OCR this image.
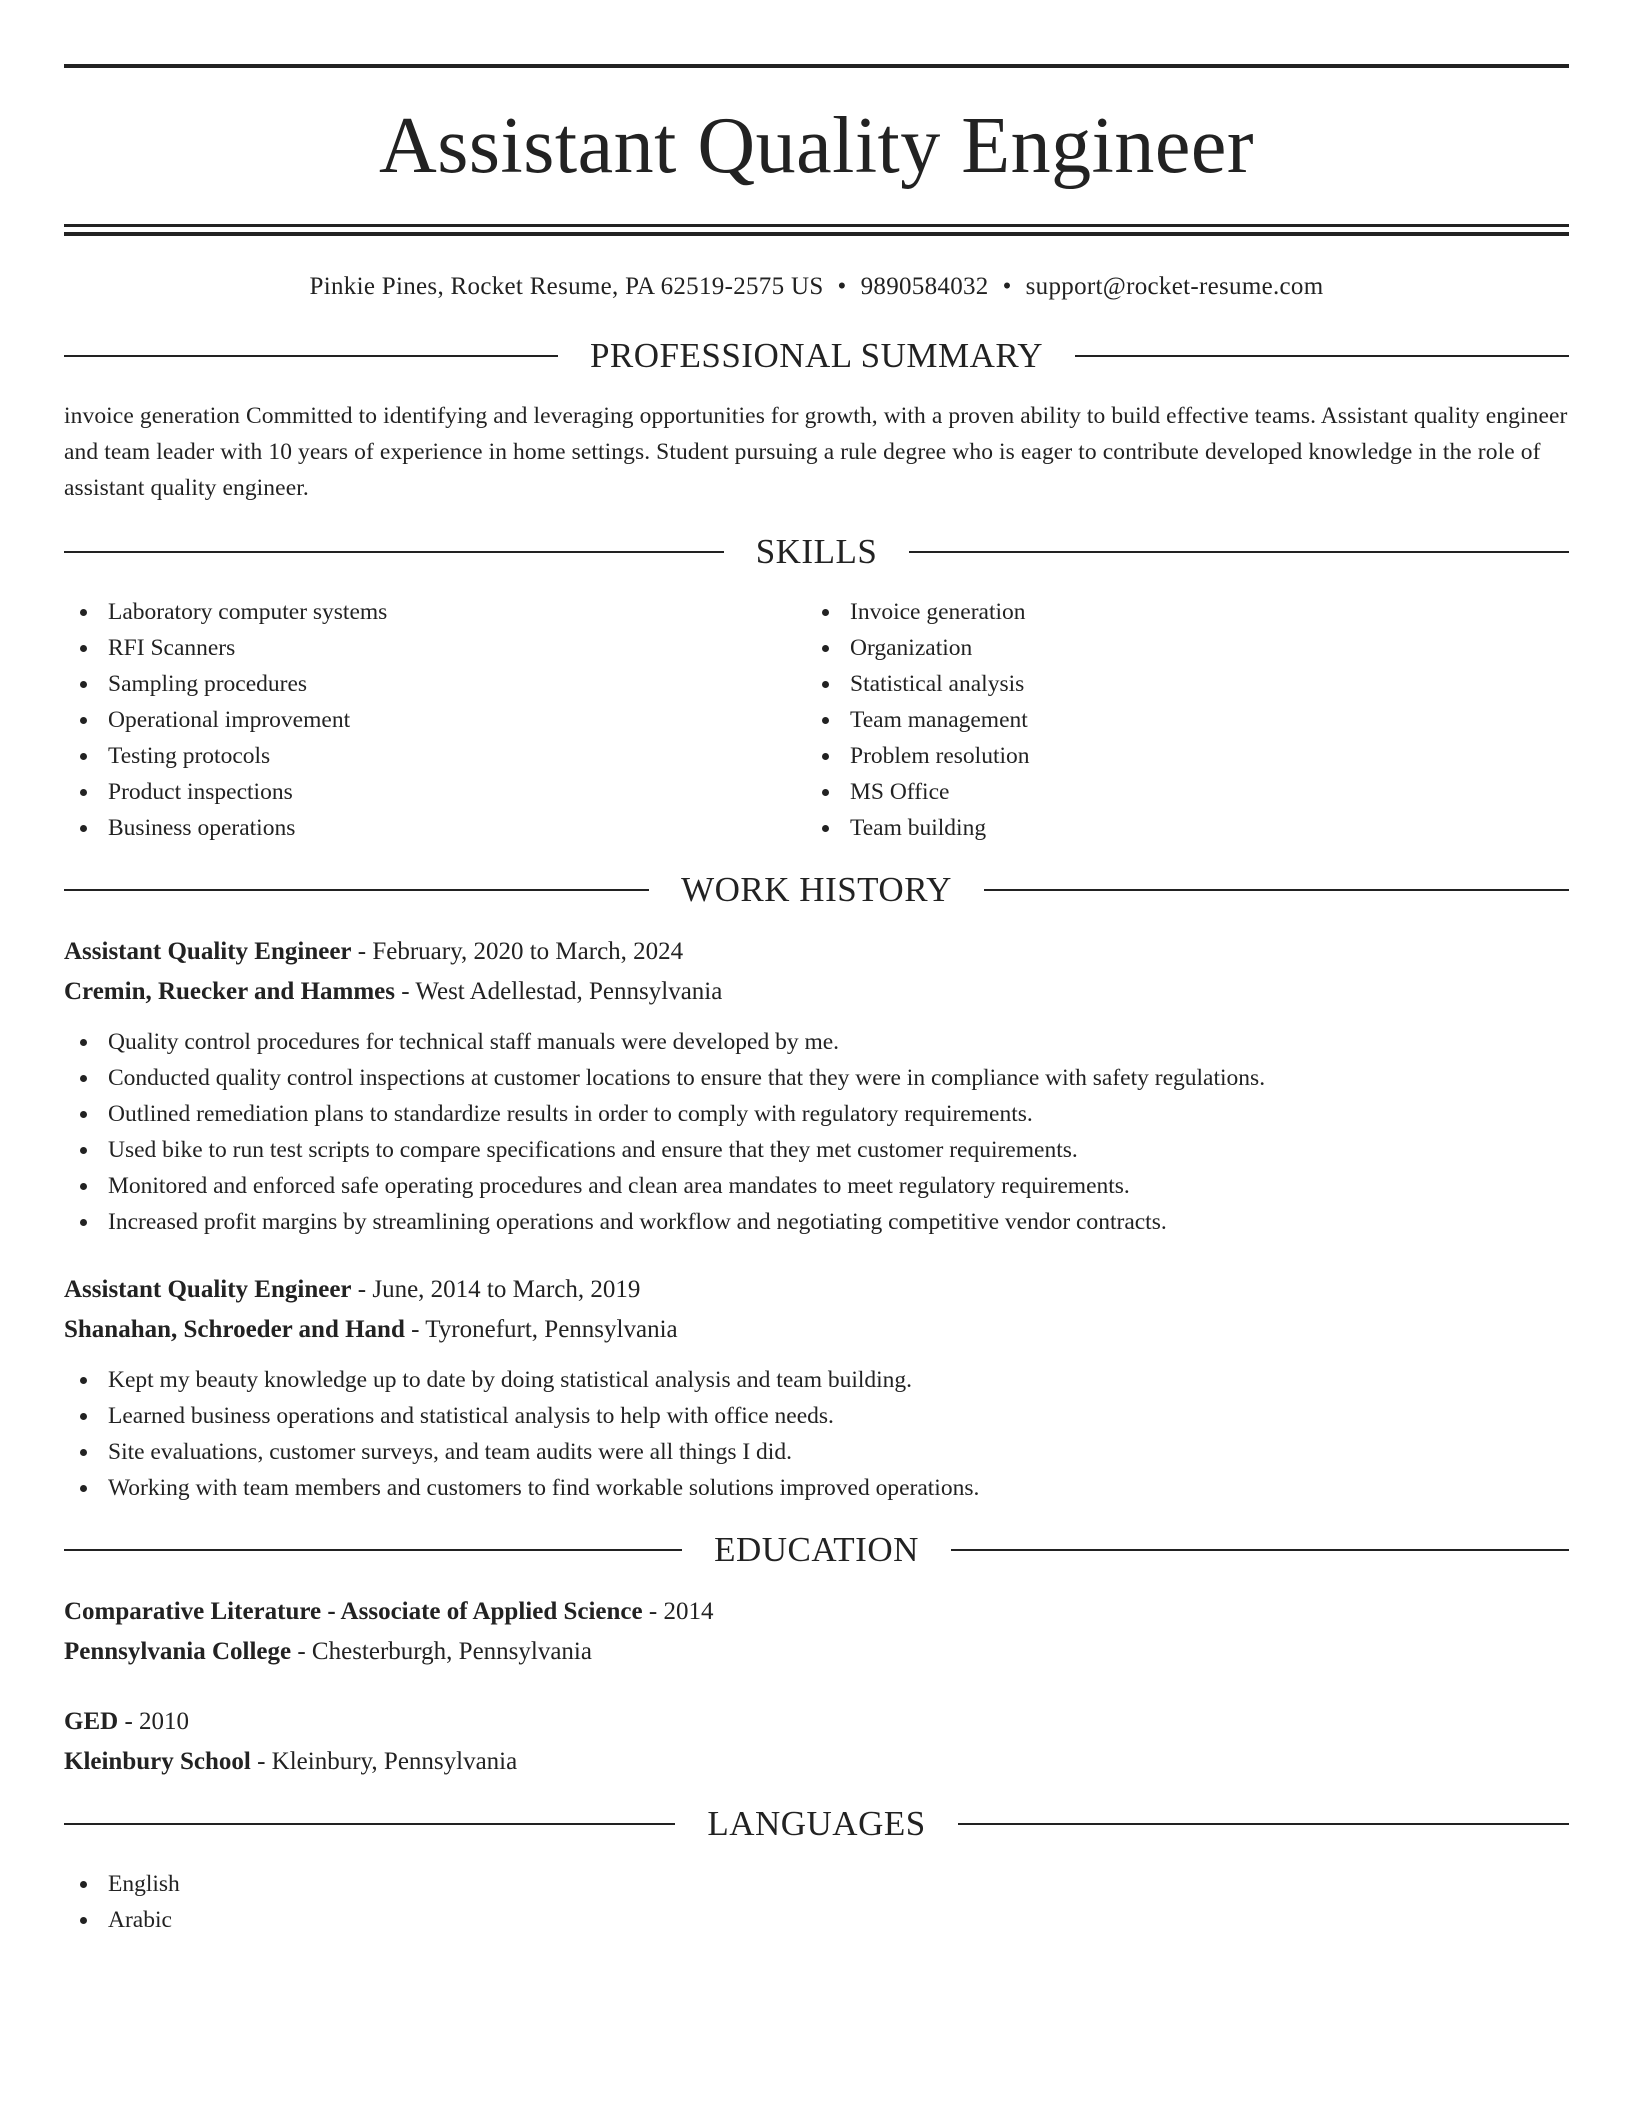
Assistant Quality Engineer
Pinkie Pines, Rocket Resume, PA 62519-2575 US • 9890584032 • support@rocket-resume.com
PROFESSIONAL SUMMARY

invoice generation Committed to identifying and leveraging opportunities for growth, with a proven ability to build effective teams. Assistant quality engineer and team leader with 10 years of experience in home settings. Student pursuing a rule degree who is eager to contribute developed knowledge in the role of assistant quality engineer.

SKILLS
Laboratory computer systems
RFI Scanners
Sampling procedures
Operational improvement
Testing protocols
Product inspections
Business operations
Invoice generation
Organization
Statistical analysis
Team management
Problem resolution
MS Office
Team building
WORK HISTORY
Assistant Quality Engineer - February, 2020 to March, 2024
Cremin, Ruecker and Hammes - West Adellestad, Pennsylvania
Quality control procedures for technical staff manuals were developed by me.
Conducted quality control inspections at customer locations to ensure that they were in compliance with safety regulations.
Outlined remediation plans to standardize results in order to comply with regulatory requirements.
Used bike to run test scripts to compare specifications and ensure that they met customer requirements.
Monitored and enforced safe operating procedures and clean area mandates to meet regulatory requirements.
Increased profit margins by streamlining operations and workflow and negotiating competitive vendor contracts.
Assistant Quality Engineer - June, 2014 to March, 2019
Shanahan, Schroeder and Hand - Tyronefurt, Pennsylvania
Kept my beauty knowledge up to date by doing statistical analysis and team building.
Learned business operations and statistical analysis to help with office needs.
Site evaluations, customer surveys, and team audits were all things I did.
Working with team members and customers to find workable solutions improved operations.
EDUCATION
Comparative Literature - Associate of Applied Science - 2014
Pennsylvania College - Chesterburgh, Pennsylvania
GED - 2010
Kleinbury School - Kleinbury, Pennsylvania
LANGUAGES
English
Arabic
